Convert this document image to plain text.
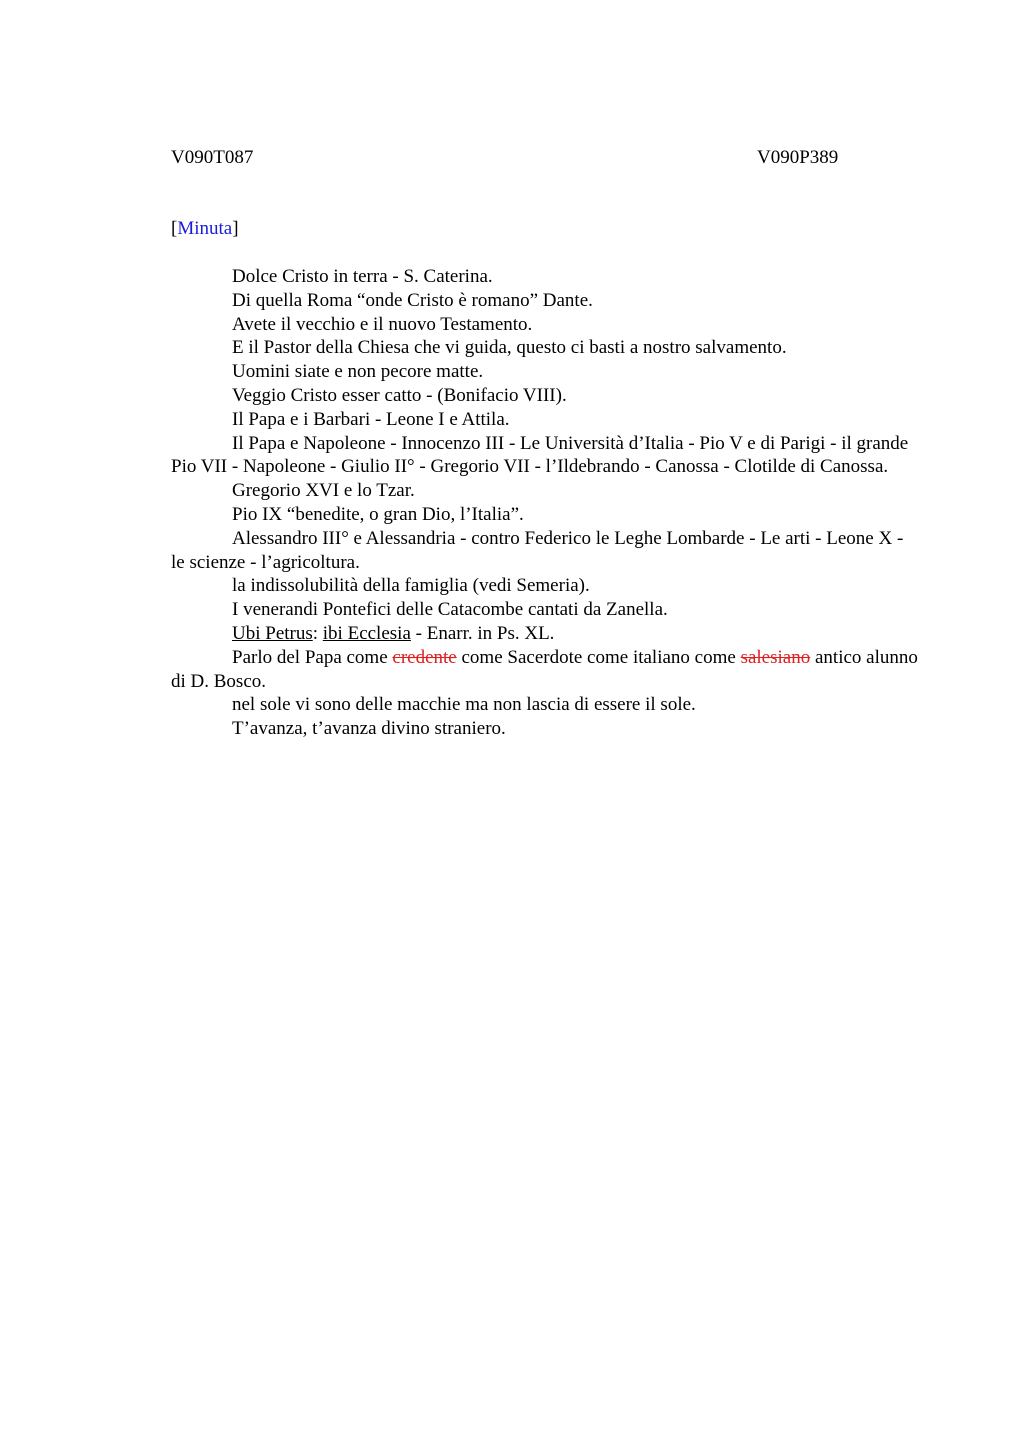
V090T087	V090P389
[Minuta]

Dolce Cristo in terra - S. Caterina.

Di quella Roma “onde Cristo è romano” Dante.

Avete il vecchio e il nuovo Testamento.

E il Pastor della Chiesa che vi guida, questo ci basti a nostro salvamento.

Uomini siate e non pecore matte.

Veggio Cristo esser catto - (Bonifacio VIII).

Il Papa e i Barbari - Leone I e Attila.

Il Papa e Napoleone - Innocenzo III - Le Università d’Italia - Pio V e di Parigi - il grande Pio VII - Napoleone - Giulio II° - Gregorio VII - l’Ildebrando - Canossa - Clotilde di Canossa.

Gregorio XVI e lo Tzar.

Pio IX “benedite, o gran Dio, l’Italia”.

Alessandro III° e Alessandria - contro Federico le Leghe Lombarde - Le arti - Leone X - le scienze - l’agricoltura.

la indissolubilità della famiglia (vedi Semeria).

I venerandi Pontefici delle Catacombe cantati da Zanella.

Ubi Petrus: ibi Ecclesia - Enarr. in Ps. XL.

Parlo del Papa come credente come Sacerdote come italiano come salesiano antico alunno di D. Bosco.

nel sole vi sono delle macchie ma non lascia di essere il sole.

T’avanza, t’avanza divino straniero.
